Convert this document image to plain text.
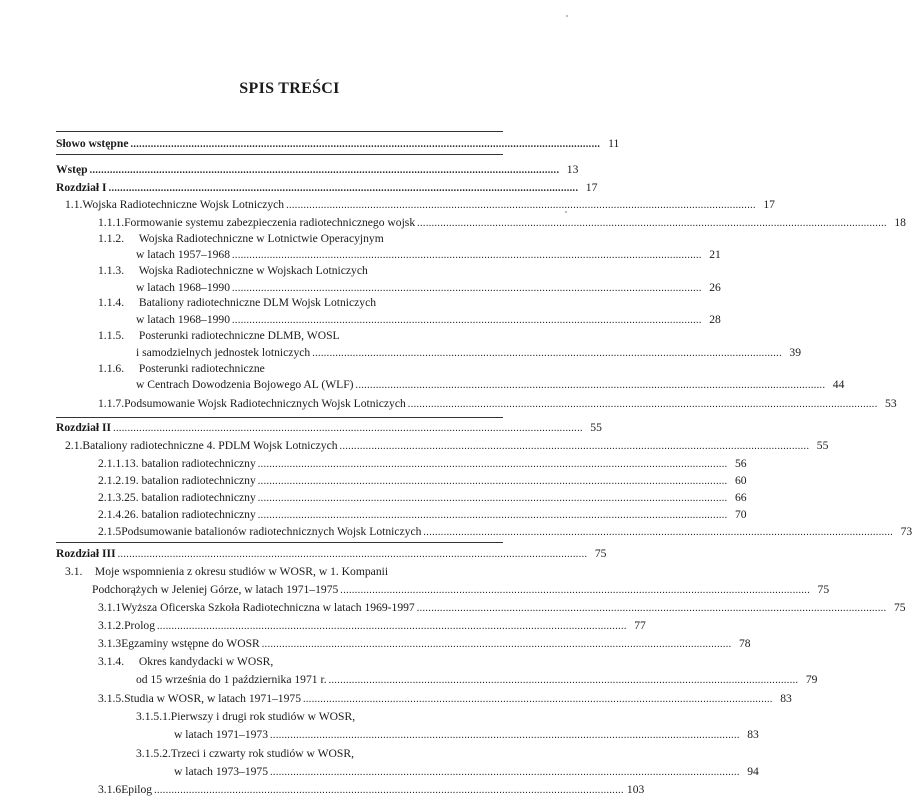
SPIS TREŚCI
Słowo wstępne .................................................................................................................................................................. 11
Wstęp .................................................................................................................................................................. 13
Rozdział I .................................................................................................................................................................. 17
1.1. Wojska Radiotechniczne Wojsk Lotniczych .................................................................................................................................................................. 17
1.1.1. Formowanie systemu zabezpieczenia radiotechnicznego wojsk .................................................................................................................................................................. 18
1.1.2. Wojska Radiotechniczne w Lotnictwie Operacyjnym
w latach 1957–1968 .................................................................................................................................................................. 21
1.1.3. Wojska Radiotechniczne w Wojskach Lotniczych
w latach 1968–1990 .................................................................................................................................................................. 26
1.1.4. Bataliony radiotechniczne DLM Wojsk Lotniczych
w latach 1968–1990 .................................................................................................................................................................. 28
1.1.5. Posterunki radiotechniczne DLMB, WOSL
i samodzielnych jednostek lotniczych .................................................................................................................................................................. 39
1.1.6. Posterunki radiotechniczne
w Centrach Dowodzenia Bojowego AL (WLF) .................................................................................................................................................................. 44
1.1.7. Podsumowanie Wojsk Radiotechnicznych Wojsk Lotniczych .................................................................................................................................................................. 53
Rozdział II .................................................................................................................................................................. 55
2.1. Bataliony radiotechniczne 4. PDLM Wojsk Lotniczych .................................................................................................................................................................. 55
2.1.1. 13. batalion radiotechniczny .................................................................................................................................................................. 56
2.1.2. 19. batalion radiotechniczny .................................................................................................................................................................. 60
2.1.3. 25. batalion radiotechniczny .................................................................................................................................................................. 66
2.1.4. 26. batalion radiotechniczny .................................................................................................................................................................. 70
2.1.5 Podsumowanie batalionów radiotechnicznych Wojsk Lotniczych .................................................................................................................................................................. 73
Rozdział III .................................................................................................................................................................. 75
3.1. Moje wspomnienia z okresu studiów w WOSR, w 1. Kompanii
Podchorążych w Jeleniej Górze, w latach 1971–1975 .................................................................................................................................................................. 75
3.1.1 Wyższa Oficerska Szkoła Radiotechniczna w latach 1969-1997 .................................................................................................................................................................. 75
3.1.2. Prolog .................................................................................................................................................................. 77
3.1.3 Egzaminy wstępne do WOSR .................................................................................................................................................................. 78
3.1.4. Okres kandydacki w WOSR,
od 15 września do 1 października 1971 r. .................................................................................................................................................................. 79
3.1.5. Studia w WOSR, w latach 1971–1975 .................................................................................................................................................................. 83
3.1.5.1.Pierwszy i drugi rok studiów w WOSR,
w latach 1971–1973 .................................................................................................................................................................. 83
3.1.5.2.Trzeci i czwarty rok studiów w WOSR,
w latach 1973–1975 .................................................................................................................................................................. 94
3.1.6 Epilog .................................................................................................................................................................. 103
